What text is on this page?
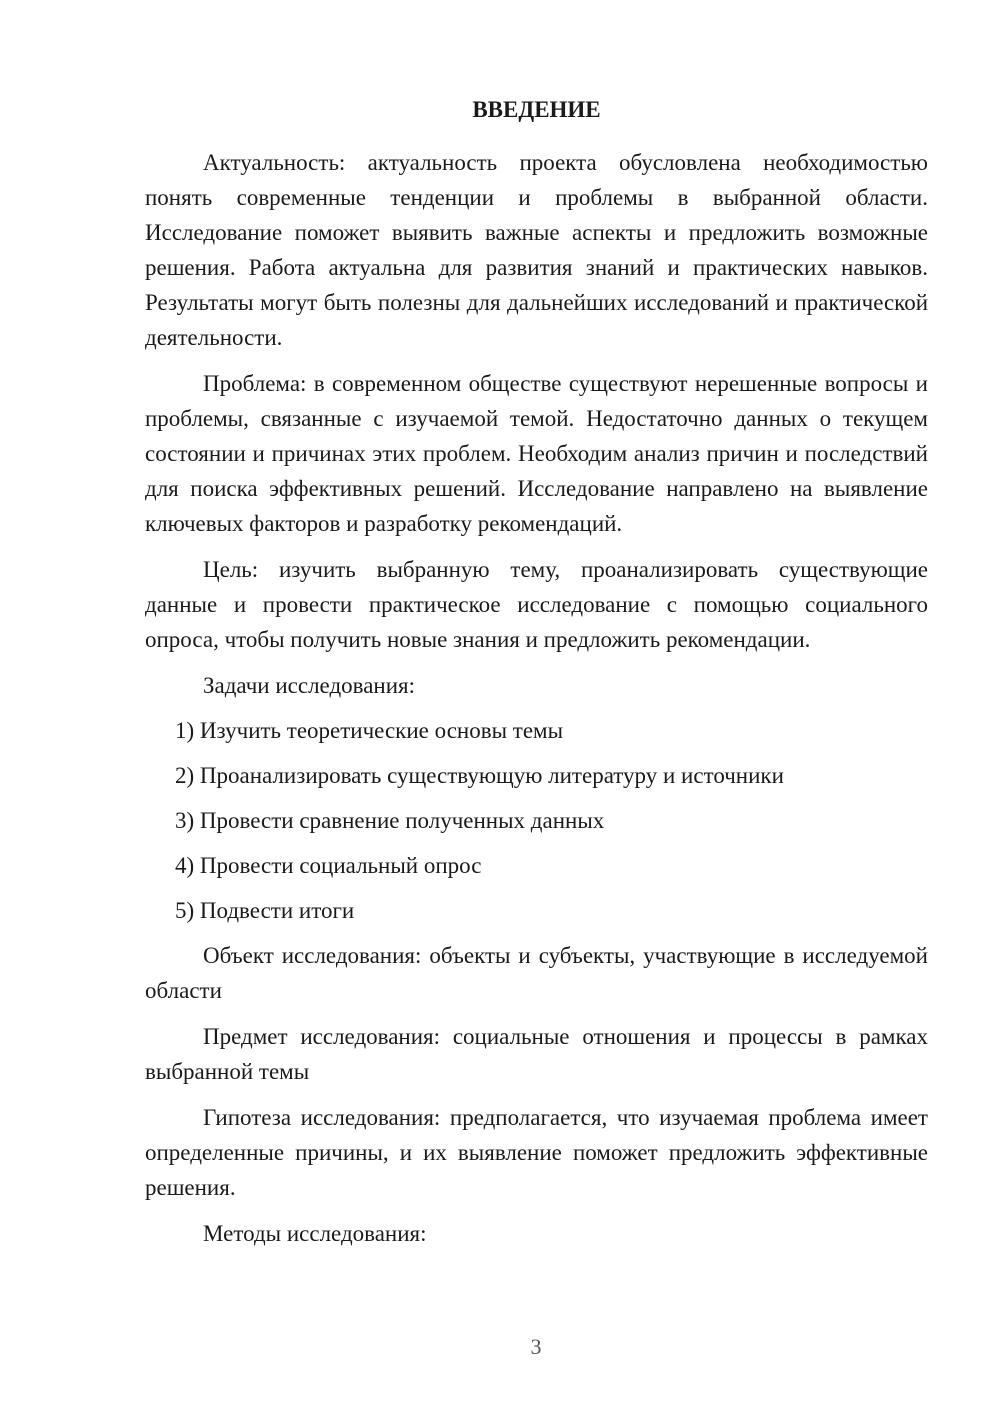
ВВЕДЕНИЕ

Актуальность: актуальность проекта обусловлена необходимостью понять современные тенденции и проблемы в выбранной области. Исследование поможет выявить важные аспекты и предложить возможные решения. Работа актуальна для развития знаний и практических навыков. Результаты могут быть полезны для дальнейших исследований и практической деятельности.

Проблема: в современном обществе существуют нерешенные вопросы и проблемы, связанные с изучаемой темой. Недостаточно данных о текущем состоянии и причинах этих проблем. Необходим анализ причин и последствий для поиска эффективных решений. Исследование направлено на выявление ключевых факторов и разработку рекомендаций.

Цель: изучить выбранную тему, проанализировать существующие данные и провести практическое исследование с помощью социального опроса, чтобы получить новые знания и предложить рекомендации.

Задачи исследования:

1) Изучить теоретические основы темы

2) Проанализировать существующую литературу и источники

3) Провести сравнение полученных данных

4) Провести социальный опрос

5) Подвести итоги

Объект исследования: объекты и субъекты, участвующие в исследуемой области

Предмет исследования: социальные отношения и процессы в рамках выбранной темы

Гипотеза исследования: предполагается, что изучаемая проблема имеет определенные причины, и их выявление поможет предложить эффективные решения.

Методы исследования:

3
